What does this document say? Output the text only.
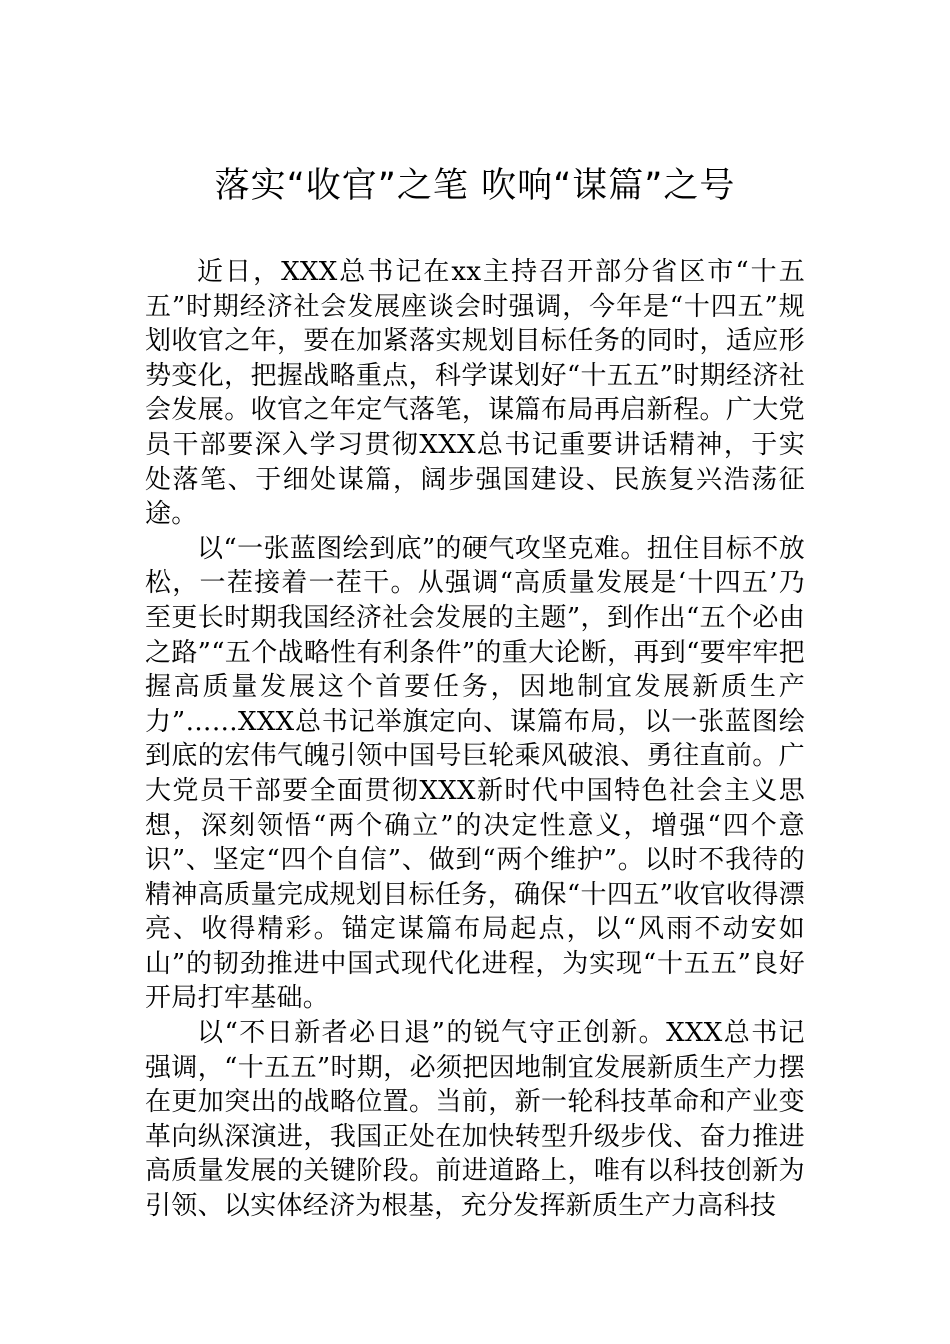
落实“收官”之笔 吹响“谋篇”之号

近日，XXX总书记在xx主持召开部分省区市“十五五”时期经济社会发展座谈会时强调，今年是“十四五”规划收官之年，要在加紧落实规划目标任务的同时，适应形势变化，把握战略重点，科学谋划好“十五五”时期经济社会发展。收官之年定气落笔，谋篇布局再启新程。广大党员干部要深入学习贯彻XXX总书记重要讲话精神，于实处落笔、于细处谋篇，阔步强国建设、民族复兴浩荡征途。

以“一张蓝图绘到底”的硬气攻坚克难。扭住目标不放松，一茬接着一茬干。从强调“高质量发展是‘十四五’乃至更长时期我国经济社会发展的主题”，到作出“五个必由之路”“五个战略性有利条件”的重大论断，再到“要牢牢把握高质量发展这个首要任务，因地制宜发展新质生产力”……XXX总书记举旗定向、谋篇布局，以一张蓝图绘到底的宏伟气魄引领中国号巨轮乘风破浪、勇往直前。广大党员干部要全面贯彻XXX新时代中国特色社会主义思想，深刻领悟“两个确立”的决定性意义，增强“四个意识”、坚定“四个自信”、做到“两个维护”。以时不我待的精神高质量完成规划目标任务，确保“十四五”收官收得漂亮、收得精彩。锚定谋篇布局起点，以“风雨不动安如山”的韧劲推进中国式现代化进程，为实现“十五五”良好开局打牢基础。

以“不日新者必日退”的锐气守正创新。XXX总书记强调，“十五五”时期，必须把因地制宜发展新质生产力摆在更加突出的战略位置。当前，新一轮科技革命和产业变革向纵深演进，我国正处在加快转型升级步伐、奋力推进高质量发展的关键阶段。前进道路上，唯有以科技创新为引领、以实体经济为根基，充分发挥新质生产力高科技
